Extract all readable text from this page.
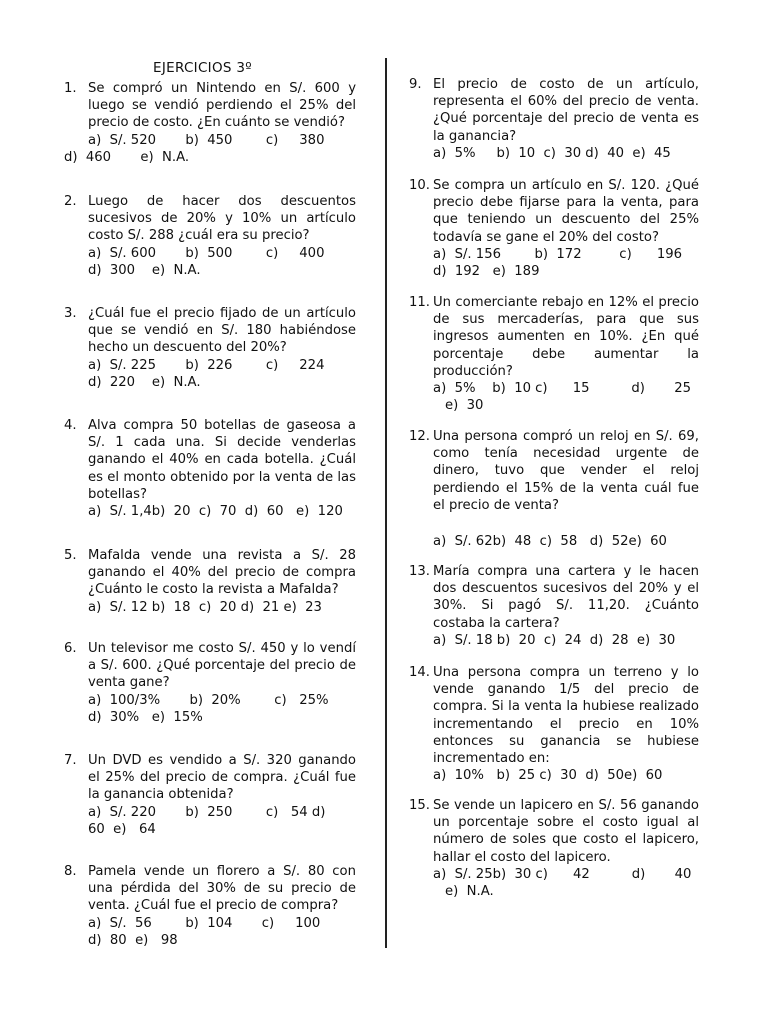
EJERCICIOS 3º
1. Se compró un Nintendo en S/. 600 y luego se vendió perdiendo el 25% del precio de costo. ¿En cuánto se vendió?
a)  S/. 520       b)  450        c)     380
d)  460       e)  N.A.
2. Luego de hacer dos descuentos sucesivos de 20% y 10% un artículo costo S/. 288 ¿cuál era su precio?
a)  S/. 600       b)  500        c)     400
d)  300    e)  N.A.
3. ¿Cuál fue el precio fijado de un artículo que se vendió en S/. 180 habiéndose hecho un descuento del 20%?
a)  S/. 225       b)  226        c)     224
d)  220    e)  N.A.
4. Alva compra 50 botellas de gaseosa a S/. 1 cada una. Si decide venderlas ganando el 40% en cada botella. ¿Cuál es el monto obtenido por la venta de las botellas?
a)  S/. 1,4b)  20  c)  70  d)  60   e)  120
5. Mafalda vende una revista a S/. 28 ganando el 40% del precio de compra ¿Cuánto le costo la revista a Mafalda?
a)  S/. 12 b)  18  c)  20 d)  21 e)  23
6. Un televisor me costo S/. 450 y lo vendí a S/. 600. ¿Qué porcentaje del precio de venta gane?
a)  100/3%       b)  20%        c)   25%
d)  30%   e)  15%
7. Un DVD es vendido a S/. 320 ganando el 25% del precio de compra. ¿Cuál fue la ganancia obtenida?
a)  S/. 220       b)  250        c)   54 d)
60  e)   64
8. Pamela vende un florero a S/. 80 con una pérdida del 30% de su precio de venta. ¿Cuál fue el precio de compra?
a)  S/.  56        b)  104       c)     100
d)  80  e)   98
9. El precio de costo de un artículo, representa el 60% del precio de venta. ¿Qué porcentaje del precio de venta es la ganancia?
a)  5%     b)  10  c)  30 d)  40  e)  45
10. Se compra un artículo en S/. 120. ¿Qué precio debe fijarse para la venta, para que teniendo un descuento del 25% todavía se gane el 20% del costo?
a)  S/. 156        b)  172         c)      196
d)  192   e)  189
11. Un comerciante rebajo en 12% el precio de sus mercaderías, para que sus ingresos aumenten en 10%. ¿En qué porcentaje debe aumentar la producción?
a)  5%    b)  10 c)      15          d)       25
e)  30
12. Una persona compró un reloj en S/. 69, como tenía necesidad urgente de dinero, tuvo que vender el reloj perdiendo el 15% de la venta cuál fue el precio de venta?
a)  S/. 62b)  48  c)  58   d)  52e)  60
13. María compra una cartera y le hacen dos descuentos sucesivos del 20% y el 30%. Si pagó S/. 11,20. ¿Cuánto costaba la cartera?
a)  S/. 18 b)  20  c)  24  d)  28  e)  30
14. Una persona compra un terreno y lo vende ganando 1/5 del precio de compra. Si la venta la hubiese realizado incrementando el precio en 10% entonces su ganancia se hubiese incrementado en:
a)  10%   b)  25 c)  30  d)  50e)  60
15. Se vende un lapicero en S/. 56 ganando un porcentaje sobre el costo igual al número de soles que costo el lapicero, hallar el costo del lapicero.
a)  S/. 25b)  30 c)      42          d)       40
e)  N.A.
